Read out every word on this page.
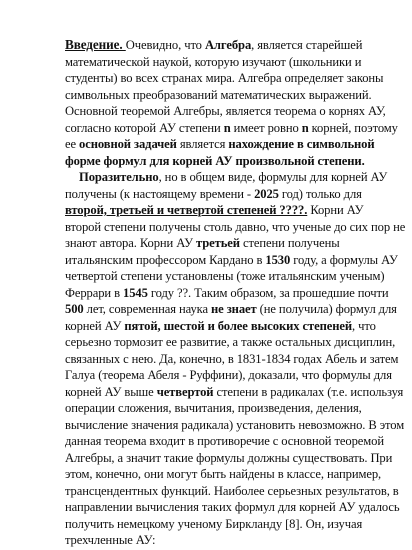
Введение. Очевидно, что Алгебра, является старейшей
математической наукой, которую изучают (школьники и
студенты) во всех странах мира. Алгебра определяет законы
символьных преобразований математических выражений.
Основной теоремой Алгебры, является теорема о корнях АУ,
согласно которой АУ степени n имеет ровно n корней, поэтому
ее основной задачей является нахождение в символьной
форме формул для корней АУ произвольной степени.
Поразительно, но в общем виде, формулы для корней АУ
получены (к настоящему времени - 2025 год) только для
второй, третьей и четвертой степеней ????. Корни АУ
второй степени получены столь давно, что ученые до сих пор не
знают автора. Корни АУ третьей степени получены
итальянским профессором Кардано в 1530 году, а формулы АУ
четвертой степени установлены (тоже итальянским ученым)
Феррари в 1545 году ??. Таким образом, за прошедшие почти
500 лет, современная наука не знает (не получила) формул для
корней АУ пятой, шестой и более высоких степеней, что
серьезно тормозит ее развитие, а также остальных дисциплин,
связанных с нею. Да, конечно, в 1831-1834 годах Абель и затем
Галуа (теорема Абеля - Руффини), доказали, что формулы для
корней АУ выше четвертой степени в радикалах (т.е. используя
операции сложения, вычитания, произведения, деления,
вычисление значения радикала) установить невозможно. В этом
данная теорема входит в противоречие с основной теоремой
Алгебры, а значит такие формулы должны существовать. При
этом, конечно, они могут быть найдены в классе, например,
трансцендентных функций. Наиболее серьезных результатов, в
направлении вычисления таких формул для корней АУ удалось
получить немецкому ученому Биркланду [8]. Он, изучая
трехчленные АУ:
